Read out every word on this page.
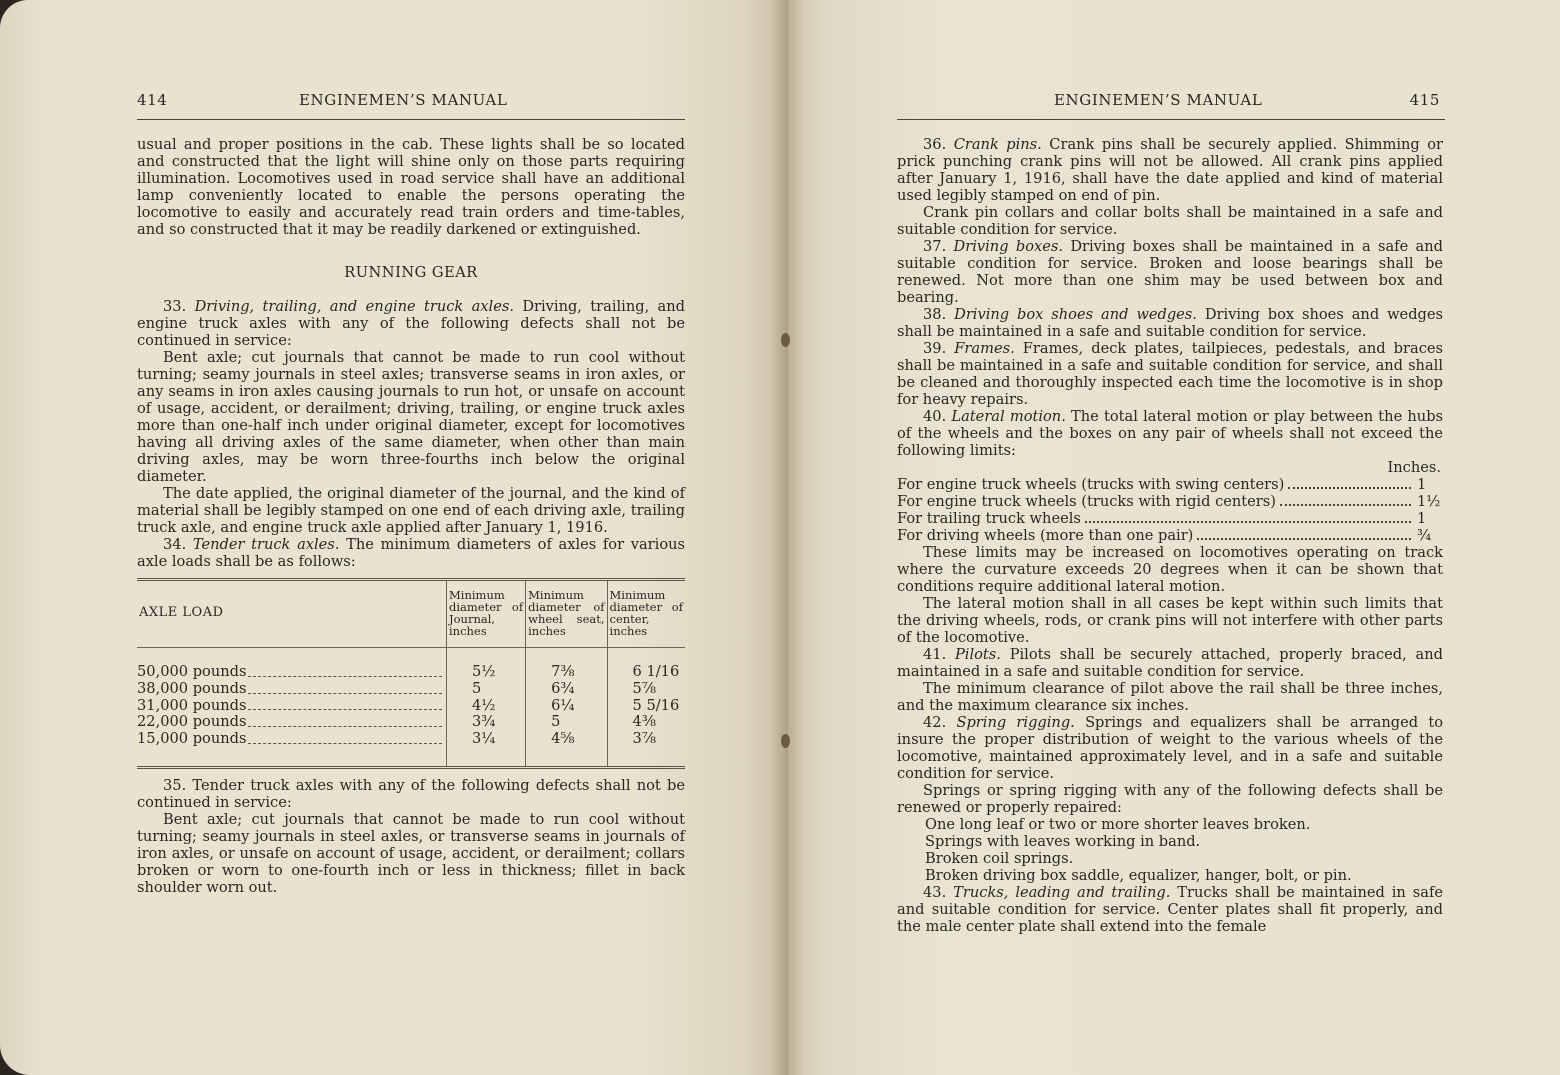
414	ENGINEMEN’S MANUAL

usual and proper positions in the cab. These lights shall be so located and constructed that the light will shine only on those parts requiring illumination. Locomotives used in road service shall have an additional lamp conveniently located to enable the persons operating the locomotive to easily and accurately read train orders and time-tables, and so constructed that it may be readily darkened or extinguished.

RUNNING GEAR

33. Driving, trailing, and engine truck axles. Driving, trailing, and engine truck axles with any of the following defects shall not be continued in service:

Bent axle; cut journals that cannot be made to run cool without turning; seamy journals in steel axles; transverse seams in iron axles, or any seams in iron axles causing journals to run hot, or unsafe on account of usage, accident, or derailment; driving, trailing, or engine truck axles more than one-half inch under original diameter, except for locomotives having all driving axles of the same diameter, when other than main driving axles, may be worn three-fourths inch below the original diameter.

The date applied, the original diameter of the journal, and the kind of material shall be legibly stamped on one end of each driving axle, trailing truck axle, and engine truck axle applied after January 1, 1916.

34. Tender truck axles. The minimum diameters of axles for various axle loads shall be as follows:

AXLE LOAD	Minimum diameter of Journal, inches	Minimum diameter of wheel seat, inches	Minimum diameter of center, inches

50,000 pounds	5½	7⅜	6 1/16

38,000 pounds	5	6¾	5⅞

31,000 pounds	4½	6¼	5 5/16

22,000 pounds	3¾	5	4⅜

15,000 pounds	3¼	4⅝	3⅞

35. Tender truck axles with any of the following defects shall not be continued in service:

Bent axle; cut journals that cannot be made to run cool without turning; seamy journals in steel axles, or transverse seams in journals of iron axles, or unsafe on account of usage, accident, or derailment; collars broken or worn to one-fourth inch or less in thickness; fillet in back shoulder worn out.

ENGINEMEN’S MANUAL	415

36. Crank pins. Crank pins shall be securely applied. Shimming or prick punching crank pins will not be allowed. All crank pins applied after January 1, 1916, shall have the date applied and kind of material used legibly stamped on end of pin.

Crank pin collars and collar bolts shall be maintained in a safe and suitable condition for service.

37. Driving boxes. Driving boxes shall be maintained in a safe and suitable condition for service. Broken and loose bearings shall be renewed. Not more than one shim may be used between box and bearing.

38. Driving box shoes and wedges. Driving box shoes and wedges shall be maintained in a safe and suitable condition for service.

39. Frames. Frames, deck plates, tailpieces, pedestals, and braces shall be maintained in a safe and suitable condition for service, and shall be cleaned and thoroughly inspected each time the locomotive is in shop for heavy repairs.

40. Lateral motion. The total lateral motion or play between the hubs of the wheels and the boxes on any pair of wheels shall not exceed the following limits:

Inches.
For engine truck wheels (trucks with swing centers)	1
For engine truck wheels (trucks with rigid centers)	1½
For trailing truck wheels	1
For driving wheels (more than one pair)	¾

These limits may be increased on locomotives operating on track where the curvature exceeds 20 degrees when it can be shown that conditions require additional lateral motion.

The lateral motion shall in all cases be kept within such limits that the driving wheels, rods, or crank pins will not interfere with other parts of the locomotive.

41. Pilots. Pilots shall be securely attached, properly braced, and maintained in a safe and suitable condition for service.

The minimum clearance of pilot above the rail shall be three inches, and the maximum clearance six inches.

42. Spring rigging. Springs and equalizers shall be arranged to insure the proper distribution of weight to the various wheels of the locomotive, maintained approximately level, and in a safe and suitable condition for service.

Springs or spring rigging with any of the following defects shall be renewed or properly repaired:

One long leaf or two or more shorter leaves broken.

Springs with leaves working in band.

Broken coil springs.

Broken driving box saddle, equalizer, hanger, bolt, or pin.

43. Trucks, leading and trailing. Trucks shall be maintained in safe and suitable condition for service. Center plates shall fit properly, and the male center plate shall extend into the female
